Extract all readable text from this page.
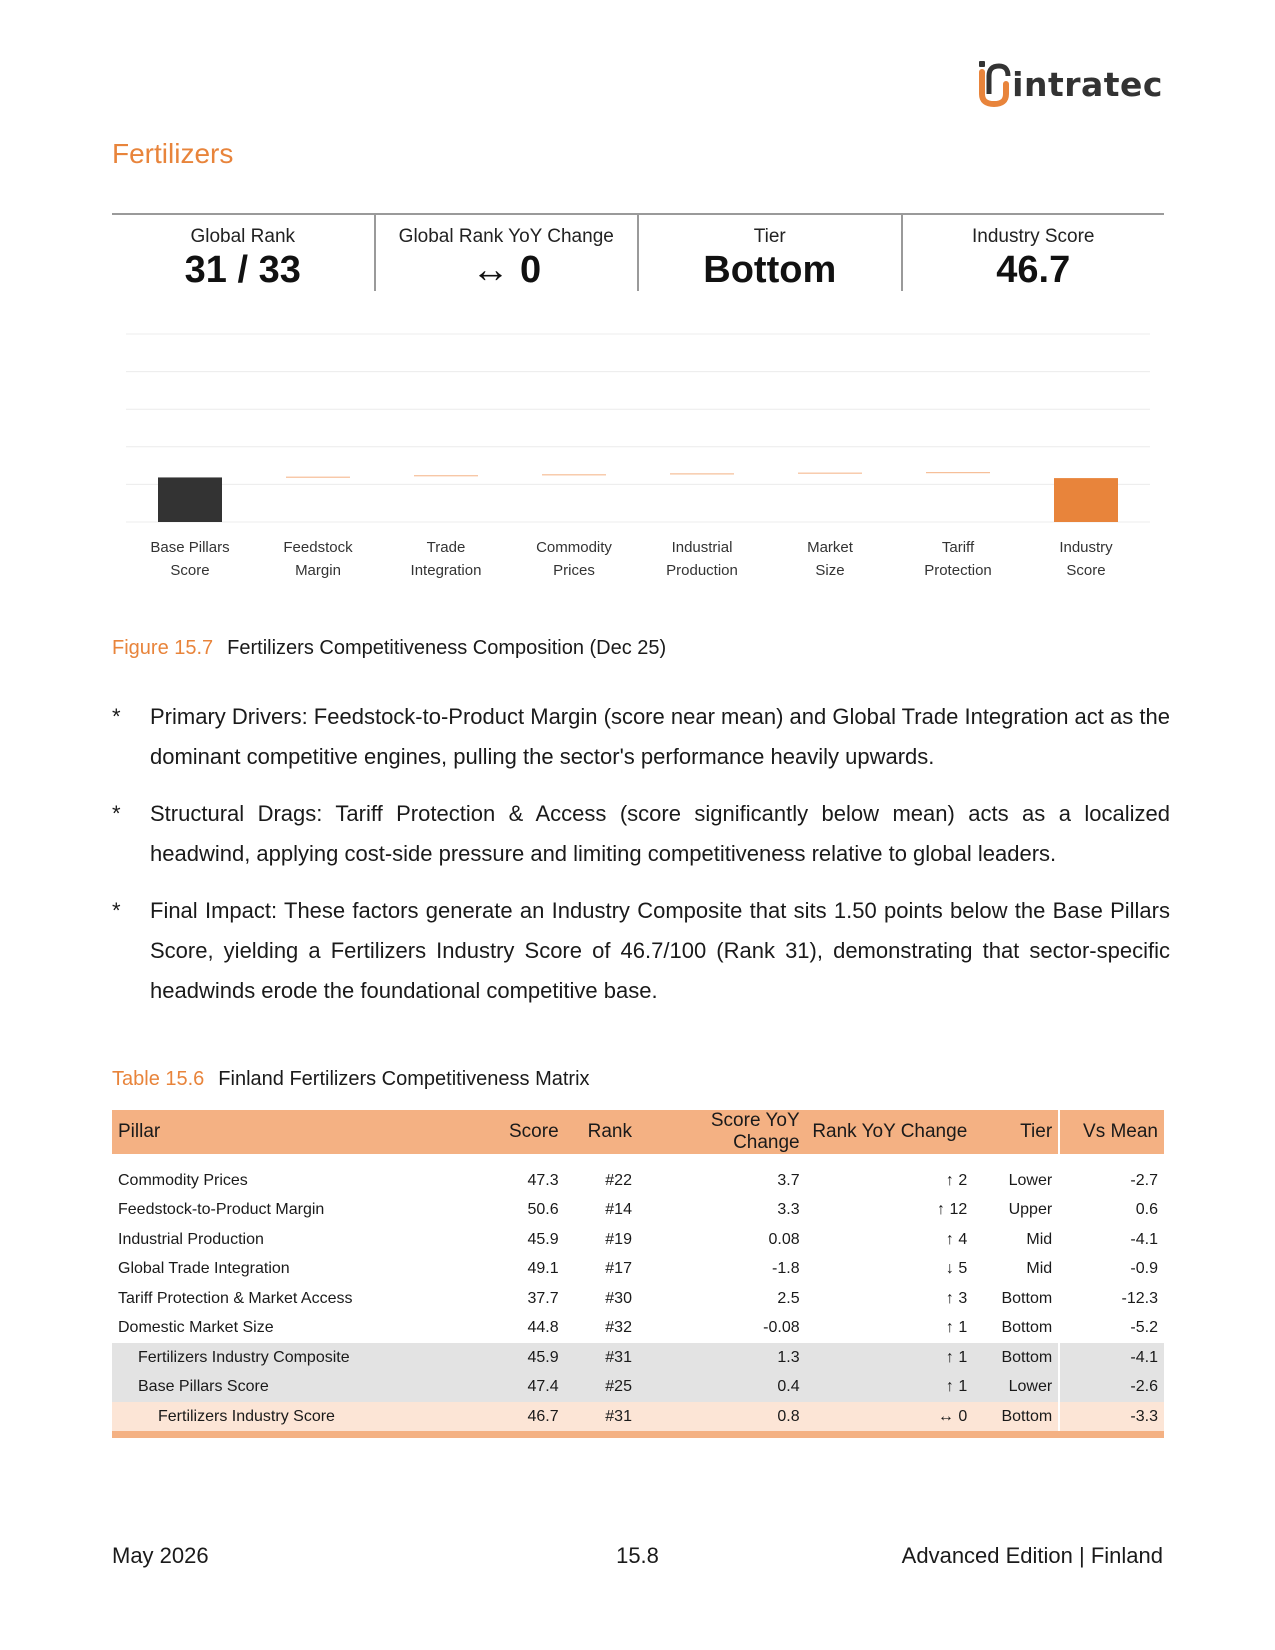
intratec
Fertilizers
Global Rank
31 / 33
Global Rank YoY Change
↔ 0
Tier
Bottom
Industry Score
46.7
Base Pillars
Score
Feedstock
Margin
Trade
Integration
Commodity
Prices
Industrial
Production
Market
Size
Tariff
Protection
Industry
Score
Figure 15.7 Fertilizers Competitiveness Composition (Dec 25)
* Primary Drivers: Feedstock-to-Product Margin (score near mean) and Global Trade Integration act as the dominant competitive engines, pulling the sector's performance heavily upwards.
* Structural Drags: Tariff Protection & Access (score significantly below mean) acts as a localized headwind, applying cost-side pressure and limiting competitiveness relative to global leaders.
* Final Impact: These factors generate an Industry Composite that sits 1.50 points below the Base Pillars Score, yielding a Fertilizers Industry Score of 46.7/100 (Rank 31), demonstrating that sector-specific headwinds erode the foundational competitive base.
Table 15.6 Finland Fertilizers Competitiveness Matrix
Pillar	Score	Rank	Score YoY Change	Rank YoY Change	Tier	Vs Mean

Commodity Prices	47.3	#22	3.7	↑ 2	Lower	-2.7
Feedstock-to-Product Margin	50.6	#14	3.3	↑ 12	Upper	0.6
Industrial Production	45.9	#19	0.08	↑ 4	Mid	-4.1
Global Trade Integration	49.1	#17	-1.8	↓ 5	Mid	-0.9
Tariff Protection & Market Access	37.7	#30	2.5	↑ 3	Bottom	-12.3
Domestic Market Size	44.8	#32	-0.08	↑ 1	Bottom	-5.2
Fertilizers Industry Composite	45.9	#31	1.3	↑ 1	Bottom	-4.1
Base Pillars Score	47.4	#25	0.4	↑ 1	Lower	-2.6
Fertilizers Industry Score	46.7	#31	0.8	↔ 0	Bottom	-3.3
May 2026	15.8	Advanced Edition | Finland
